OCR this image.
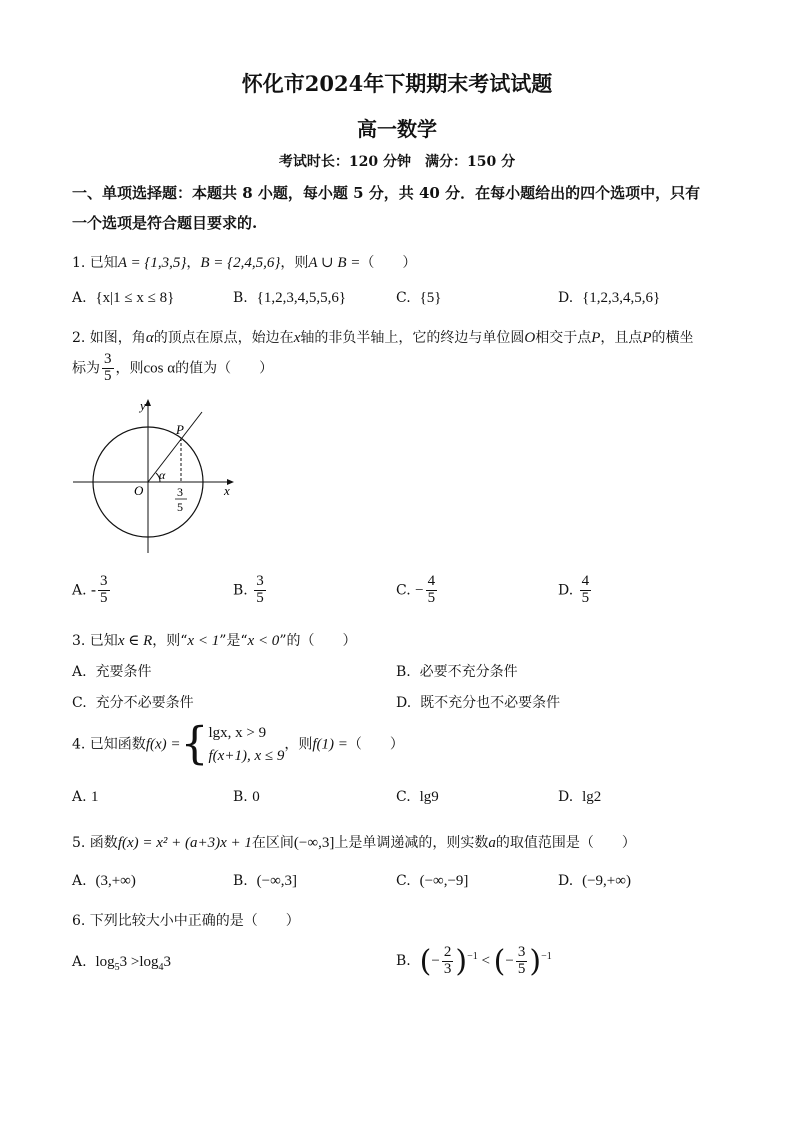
怀化市2024年下期期末考试试题
高一数学
考试时长：120 分钟　满分：150 分
一、单项选择题：本题共 8 小题，每小题 5 分，共 40 分．在每小题给出的四个选项中，只有
一个选项是符合题目要求的.
1. 已知A = {1,3,5}，B = {2,4,5,6}，则A ∪ B =（　　）
A. {x|1 ≤ x ≤ 8}	B. {1,2,3,4,5,5,6}	C. {5}	D. {1,2,3,4,5,6}
2. 如图，角α的顶点在原点，始边在x轴的非负半轴上，它的终边与单位圆O相交于点P，且点P的横坐
标为 $\frac{3}{5}$ ，则cos α的值为（　　）
y
P
α
O	x
3
5
A. - $\frac{3}{5}$	B. $\frac{3}{5}$	C. − $\frac{4}{5}$	D. $\frac{4}{5}$
3. 已知x ∈ R，则“x < 1”是“x < 0”的（　　）
A. 充要条件	B. 必要不充分条件
C. 充分不必要条件	D. 既不充分也不必要条件
4. 已知函数f(x) ={ lgx, x > 9
f(x+1), x ≤ 9
，则f(1) =（　　）
A. 1	B. 0	C. lg9	D. lg2
5. 函数f(x) = x² + (a+3)x + 1在区间(−∞,3]上是单调递减的，则实数a的取值范围是（　　）
A. (3,+∞)	B. (−∞,3]	C. (−∞,−9]	D. (−9,+∞)
6. 下列比较大小中正确的是（　　）
A. $\log_53 >\log_43$	B. (− $\frac{2}{3} )^{-1}$ < (− $\frac{3}{5} )^{-1}$
